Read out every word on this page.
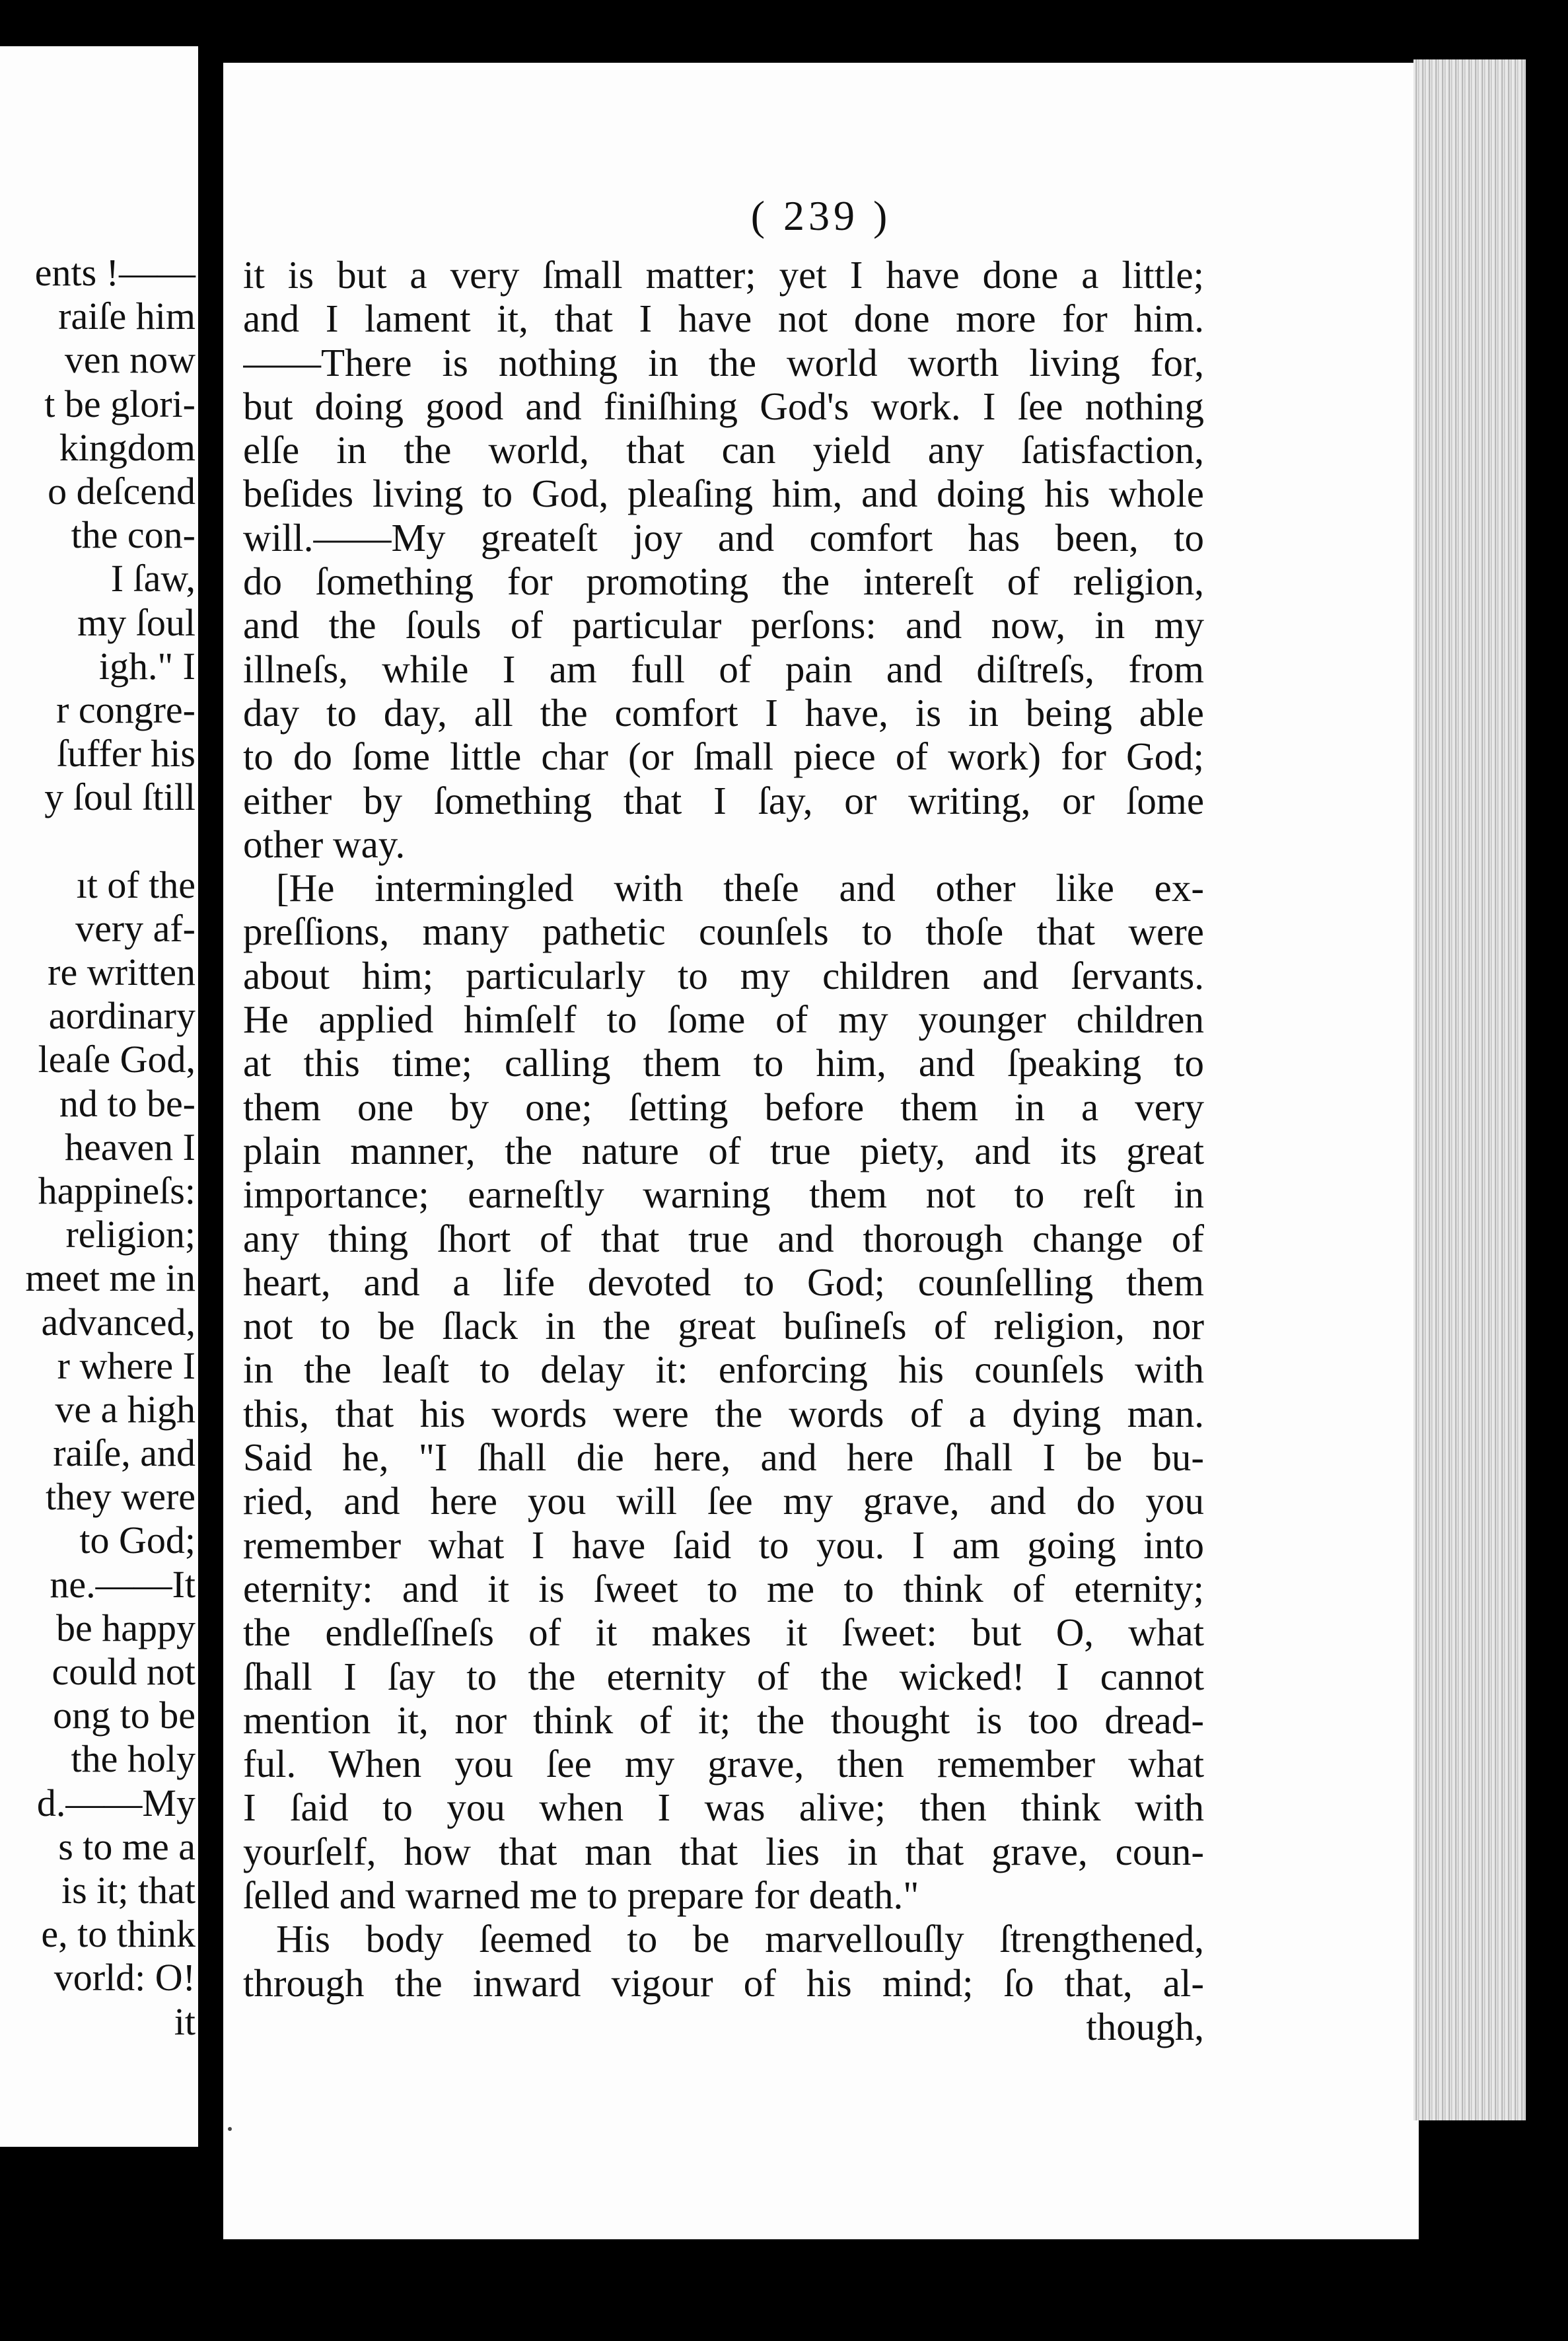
ents !——
raiſe him
ven now
t be glori-
kingdom
o deſcend
the con-
I ſaw,
my ſoul
igh." I
r congre-
ſuffer his
y ſoul ſtill
ıt of the
very af-
re written
aordinary
leaſe God,
nd to be-
heaven I
happineſs:
religion;
meet me in
advanced,
r where I
ve a high
raiſe, and
they were
to God;
ne.——It
be happy
could not
ong to be
the holy
d.——My
s to me a
is it; that
e, to think
vorld: O!
it
( 239 )
it is but a very ſmall matter; yet I have done a little;
and I lament it, that I have not done more for him.
——There is nothing in the world worth living for,
but doing good and finiſhing God's work. I ſee nothing
elſe in the world, that can yield any ſatisfaction,
beſides living to God, pleaſing him, and doing his whole
will.——My greateſt joy and comfort has been, to
do ſomething for promoting the intereſt of religion,
and the ſouls of particular perſons: and now, in my
illneſs, while I am full of pain and diſtreſs, from
day to day, all the comfort I have, is in being able
to do ſome little char (or ſmall piece of work) for God;
either by ſomething that I ſay, or writing, or ſome
other way.
[He intermingled with theſe and other like ex-
preſſions, many pathetic counſels to thoſe that were
about him; particularly to my children and ſervants.
He applied himſelf to ſome of my younger children
at this time; calling them to him, and ſpeaking to
them one by one; ſetting before them in a very
plain manner, the nature of true piety, and its great
importance; earneſtly warning them not to reſt in
any thing ſhort of that true and thorough change of
heart, and a life devoted to God; counſelling them
not to be ſlack in the great buſineſs of religion, nor
in the leaſt to delay it: enforcing his counſels with
this, that his words were the words of a dying man.
Said he, "I ſhall die here, and here ſhall I be bu-
ried, and here you will ſee my grave, and do you
remember what I have ſaid to you. I am going into
eternity: and it is ſweet to me to think of eternity;
the endleſſneſs of it makes it ſweet: but O, what
ſhall I ſay to the eternity of the wicked! I cannot
mention it, nor think of it; the thought is too dread-
ful. When you ſee my grave, then remember what
I ſaid to you when I was alive; then think with
yourſelf, how that man that lies in that grave, coun-
ſelled and warned me to prepare for death."
His body ſeemed to be marvellouſly ſtrengthened,
through the inward vigour of his mind; ſo that, al-
though,
